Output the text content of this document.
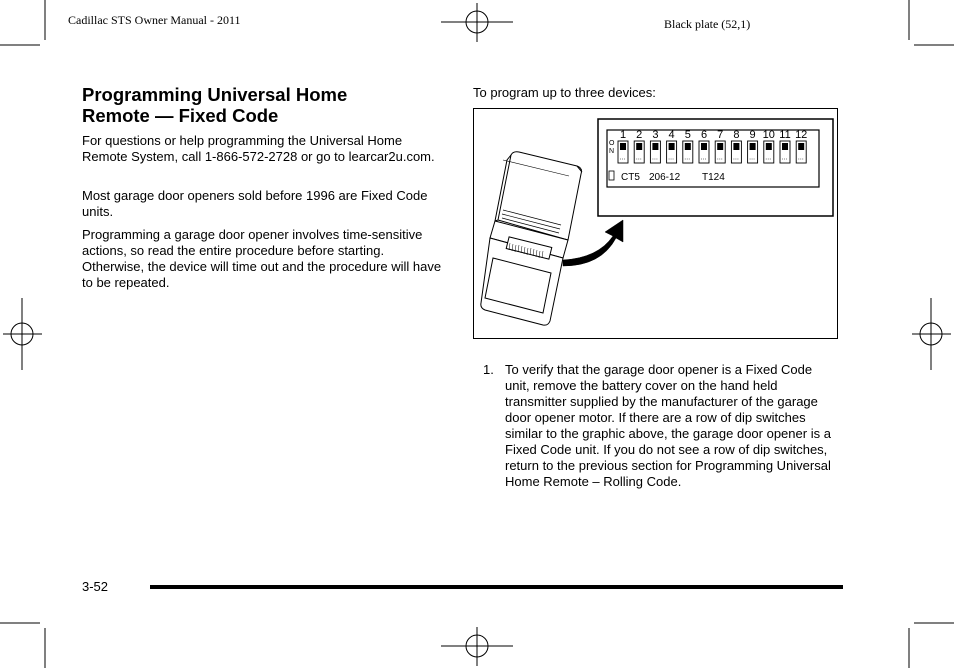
Cadillac STS Owner Manual - 2011	Black plate (52,1)
Programming Universal Home
Remote — Fixed Code

For questions or help programming the Universal Home Remote System, call 1-866-572-2728 or go to learcar2u.com.

Most garage door openers sold before 1996 are Fixed Code units.

Programming a garage door opener involves time-sensitive actions, so read the entire procedure before starting. Otherwise, the device will time out and the procedure will have to be repeated.

To program up to three devices:
1 2 3 4 5 6 7 8 9 10 11 12
O
N
CT5 206-12 T124
1. To verify that the garage door opener is a Fixed Code unit, remove the battery cover on the hand held transmitter supplied by the manufacturer of the garage door opener motor. If there are a row of dip switches similar to the graphic above, the garage door opener is a Fixed Code unit. If you do not see a row of dip switches, return to the previous section for Programming Universal Home Remote – Rolling Code.
3-52
